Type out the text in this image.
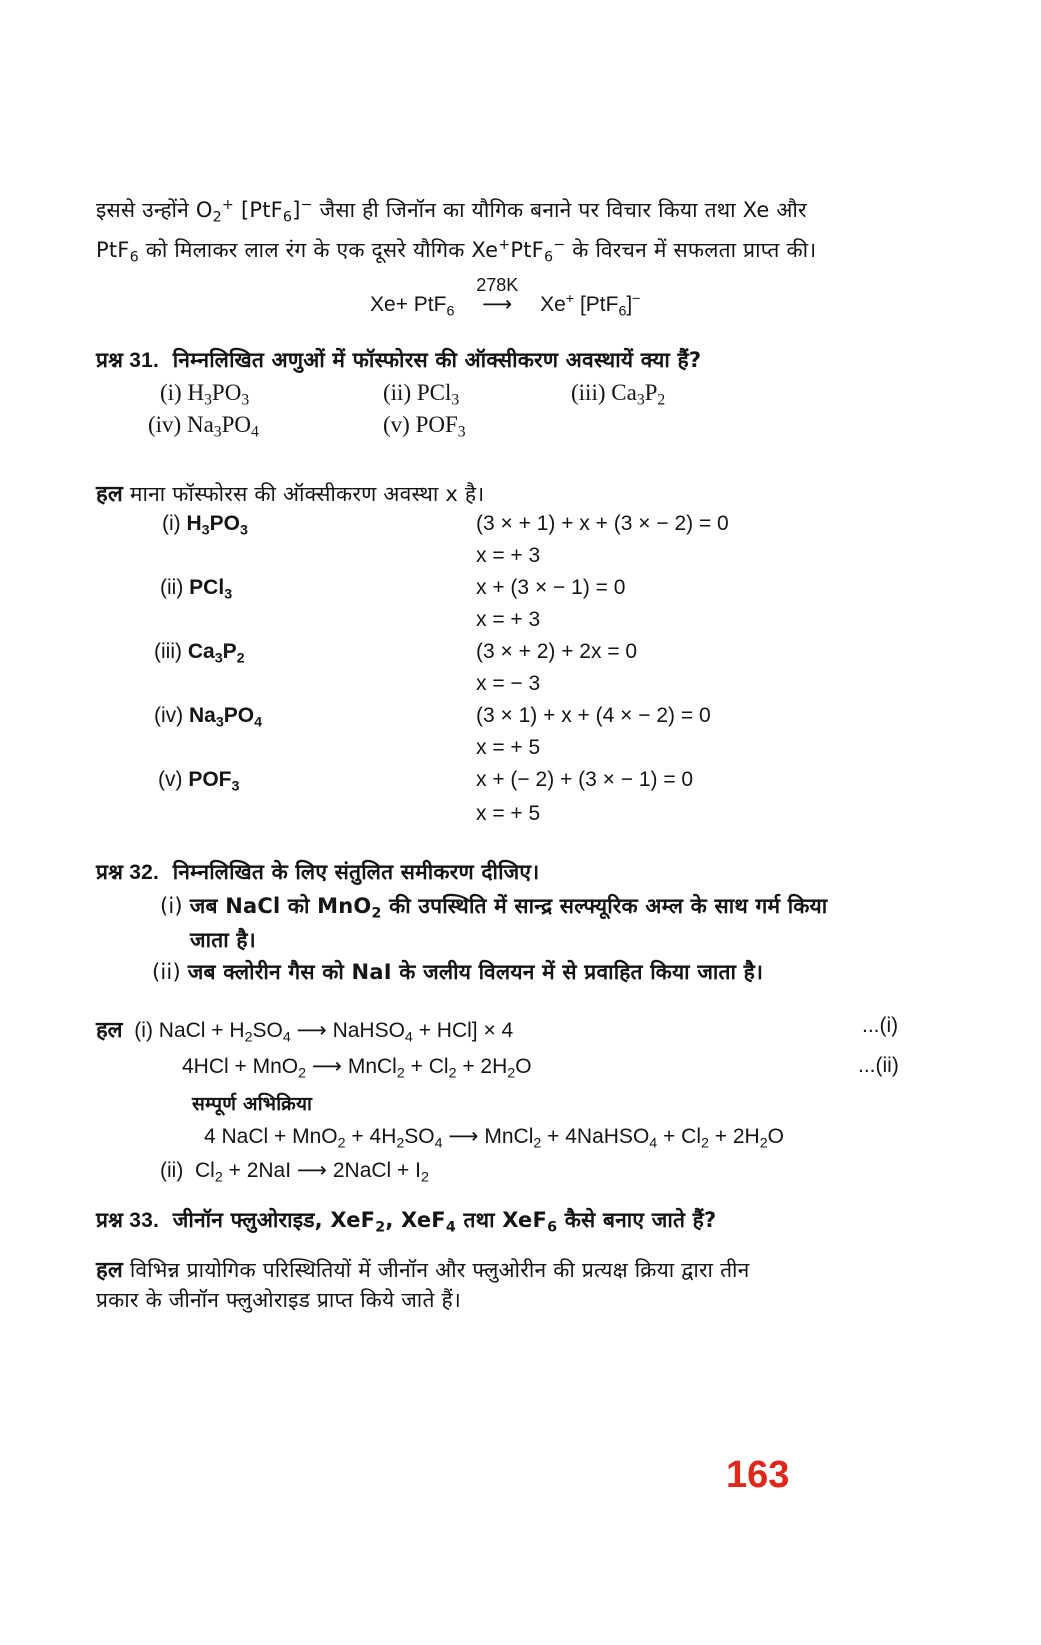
इससे उन्होंने $O_2^+$ [PtF$_6$]− जैसा ही जिनॉन का यौगिक बनाने पर विचार किया तथा Xe और
PtF$_6$ को मिलाकर लाल रंग के एक दूसरे यौगिक Xe+PtF$_6$− के विरचन में सफलता प्राप्त की।
Xe+ PtF$_6$
278K
⟶ Xe+ [PtF$_6$]−
प्रश्न 31. निम्नलिखित अणुओं में फॉस्फोरस की ऑक्सीकरण अवस्थायें क्या हैं?
(i) $H_3PO_3$	(ii) PCl$_3$	(iii) $Ca_3P_2$
(iv) $Na_3PO_4$	(v) $POF_3$
हल माना फॉस्फोरस की ऑक्सीकरण अवस्था x है।
(i) $H_3PO_3$	(3 × + 1) + x + (3 × − 2) = 0
x = + 3
(ii) PCl$_3$	x + (3 × − 1) = 0
x = + 3
(iii) $Ca_3P_2$	(3 × + 2) + 2x = 0
x = − 3
(iv) $Na_3PO_4$	(3 × 1) + x + (4 × − 2) = 0
x = + 5
(v) $POF_3$	x + (− 2) + (3 × − 1) = 0
x = + 5
प्रश्न 32. निम्नलिखित के लिए संतुलित समीकरण दीजिए।
(i) जब NaCl को MnO$_2$ की उपस्थिति में सान्द्र सल्फ्यूरिक अम्ल के साथ गर्म किया
जाता है।
(ii) जब क्लोरीन गैस को NaI के जलीय विलयन में से प्रवाहित किया जाता है।
हल (i) NaCl + $H_2SO_4$ ⟶ NaHSO$_4$ + HCl] × 4	...(i)
4HCl + MnO$_2$ ⟶ MnCl$_2$ + $Cl_2 + 2H_2O$	...(ii)
सम्पूर्ण अभिक्रिया
4 NaCl + $MnO_2 + 4H_2SO_4$ ⟶ MnCl$_2$ + 4NaHSO$_4$ + $Cl_2 + 2H_2O$
(ii) $Cl_2 + 2NaI$ ⟶ 2NaCl + $I_2$
प्रश्न 33. जीनॉन फ्लुओराइड, XeF$_2$, XeF$_4$ तथा XeF$_6$ कैसे बनाए जाते हैं?
हल विभिन्न प्रायोगिक परिस्थितियों में जीनॉन और फ्लुओरीन की प्रत्यक्ष क्रिया द्वारा तीन
प्रकार के जीनॉन फ्लुओराइड प्राप्त किये जाते हैं।
163
